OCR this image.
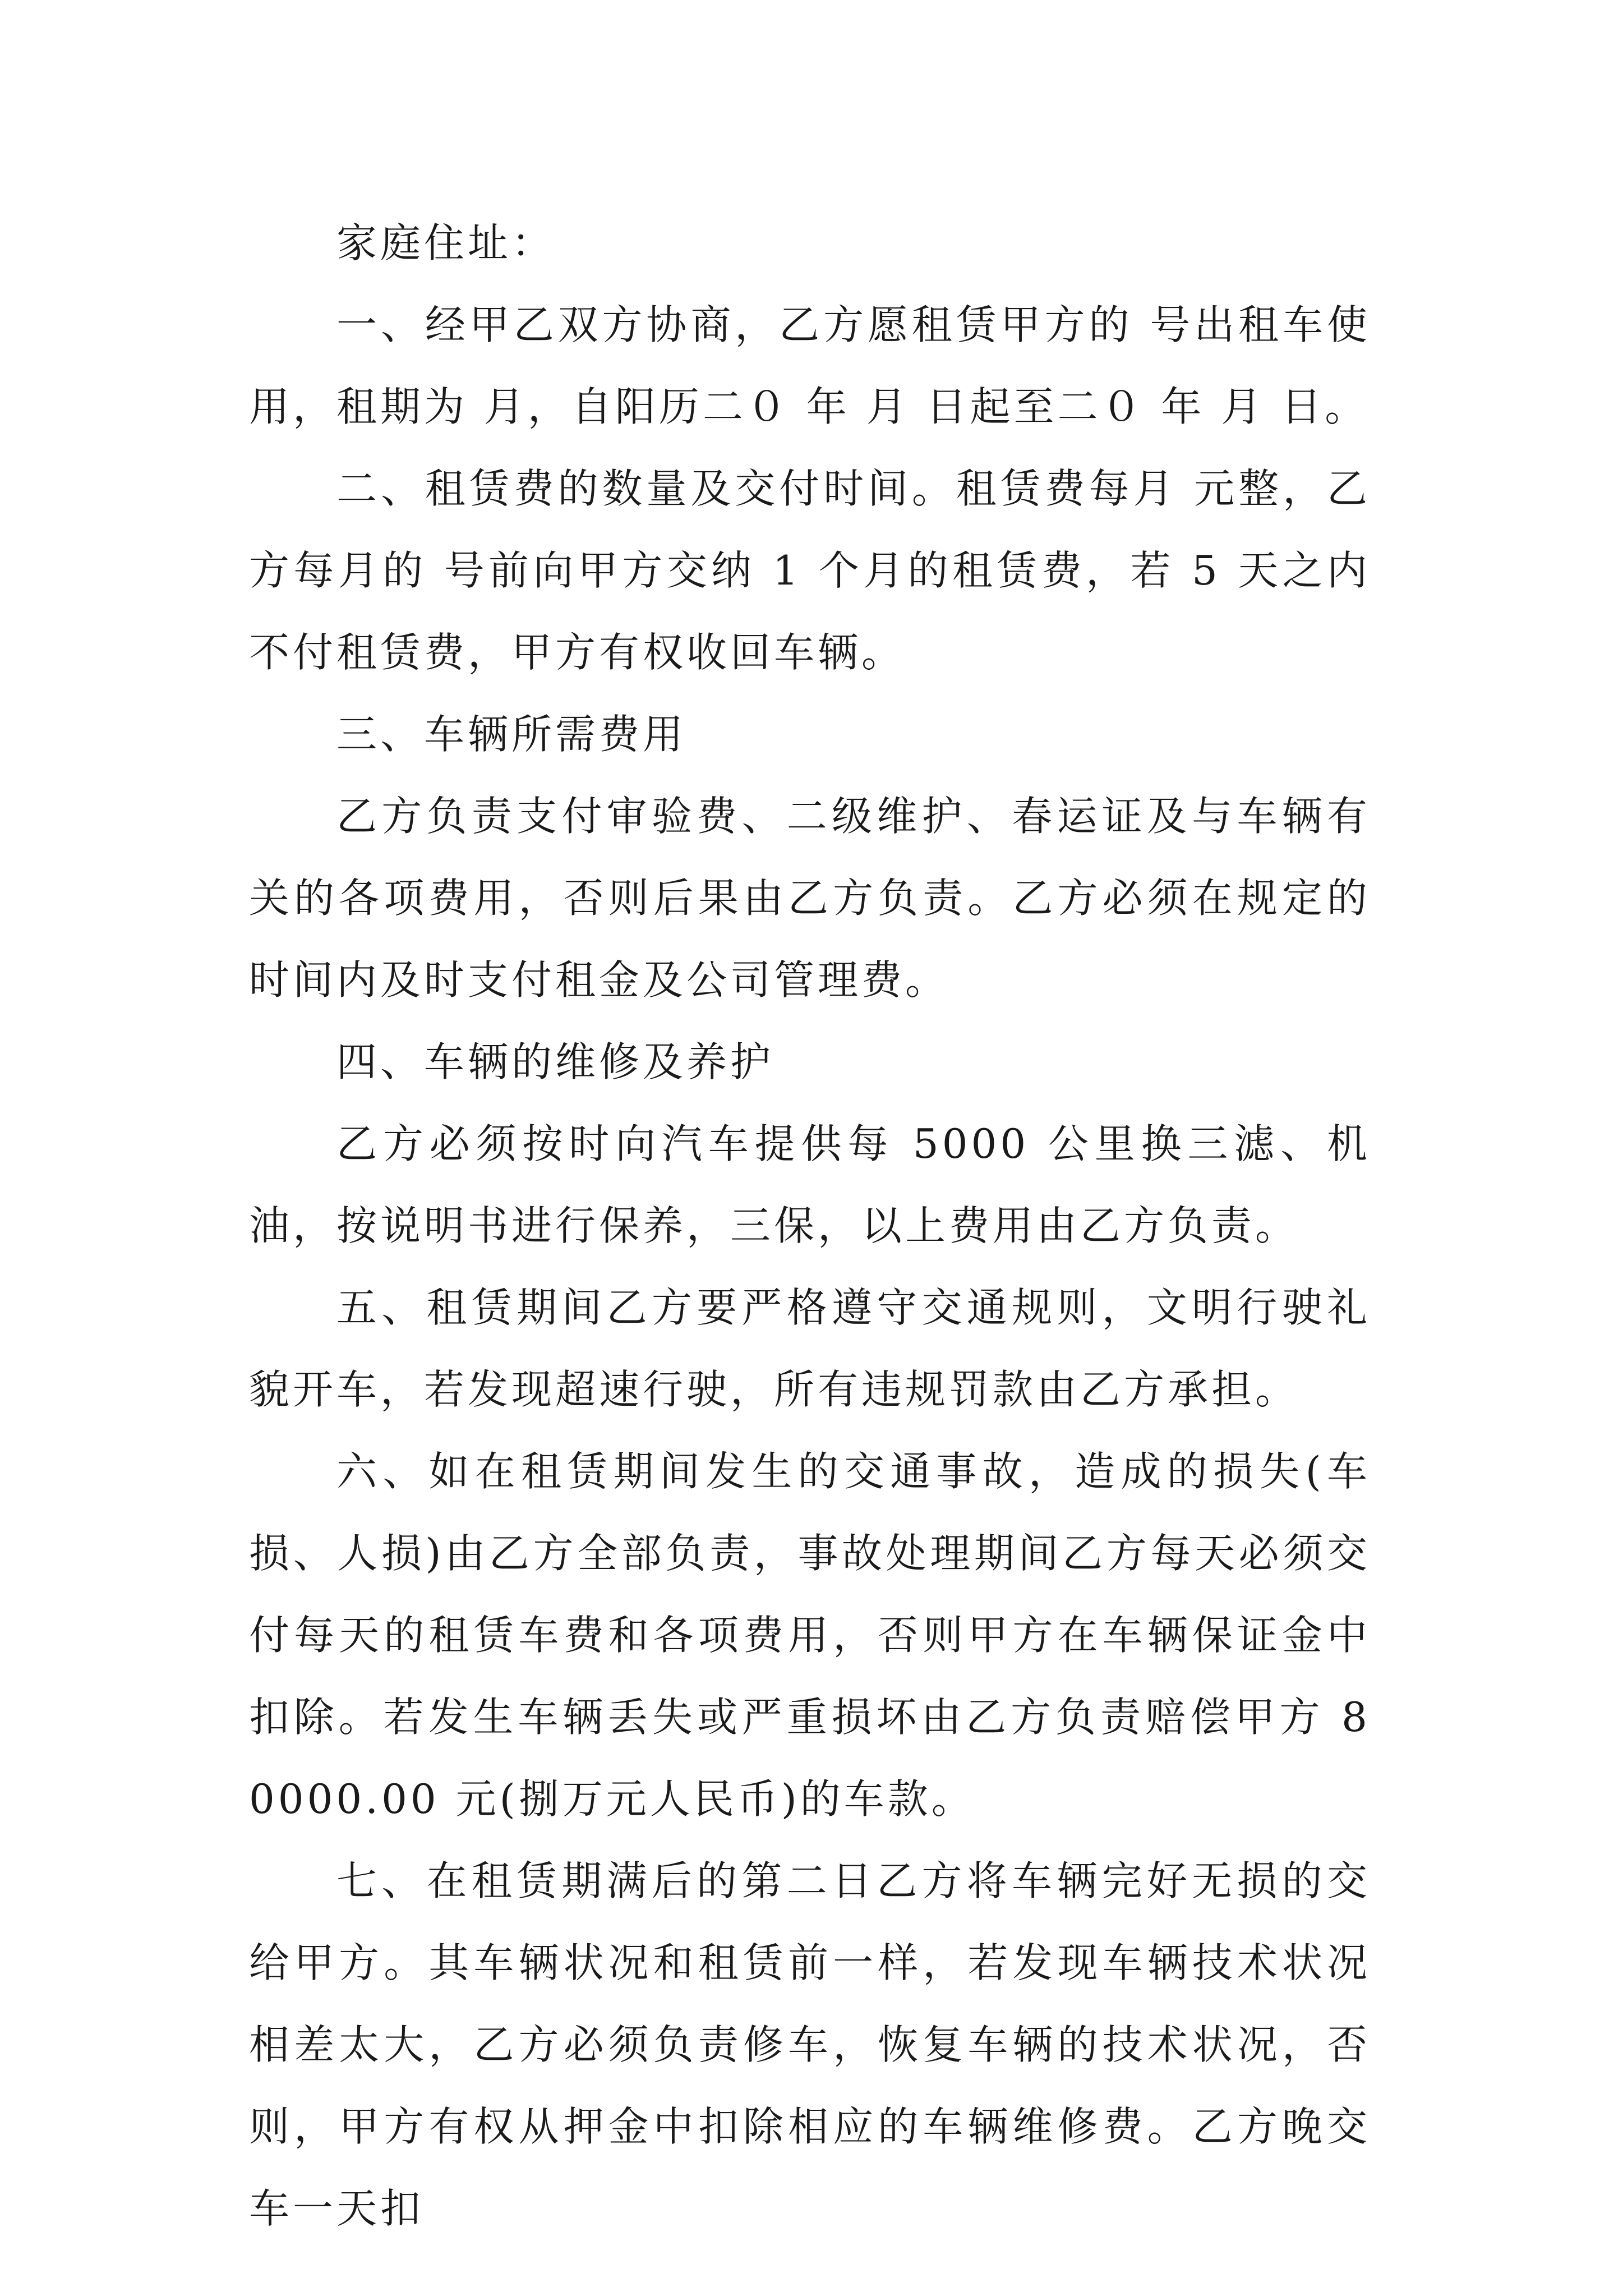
家庭住址：

一、经甲乙双方协商，乙方愿租赁甲方的 号出租车使用，租期为 月，自阳历二０ 年 月 日起至二０ 年 月 日。

二、租赁费的数量及交付时间。租赁费每月 元整，乙方每月的 号前向甲方交纳 1 个月的租赁费，若 5 天之内不付租赁费，甲方有权收回车辆。

三、车辆所需费用

乙方负责支付审验费、二级维护、春运证及与车辆有关的各项费用，否则后果由乙方负责。乙方必须在规定的时间内及时支付租金及公司管理费。

四、车辆的维修及养护

乙方必须按时向汽车提供每 5000 公里换三滤、机油，按说明书进行保养，三保，以上费用由乙方负责。

五、租赁期间乙方要严格遵守交通规则，文明行驶礼貌开车，若发现超速行驶，所有违规罚款由乙方承担。

六、如在租赁期间发生的交通事故，造成的损失(车损、人损)由乙方全部负责，事故处理期间乙方每天必须交付每天的租赁车费和各项费用，否则甲方在车辆保证金中扣除。若发生车辆丢失或严重损坏由乙方负责赔偿甲方 80000.00 元(捌万元人民币)的车款。

七、在租赁期满后的第二日乙方将车辆完好无损的交给甲方。其车辆状况和租赁前一样，若发现车辆技术状况相差太大，乙方必须负责修车，恢复车辆的技术状况，否则，甲方有权从押金中扣除相应的车辆维修费。乙方晚交车一天扣
